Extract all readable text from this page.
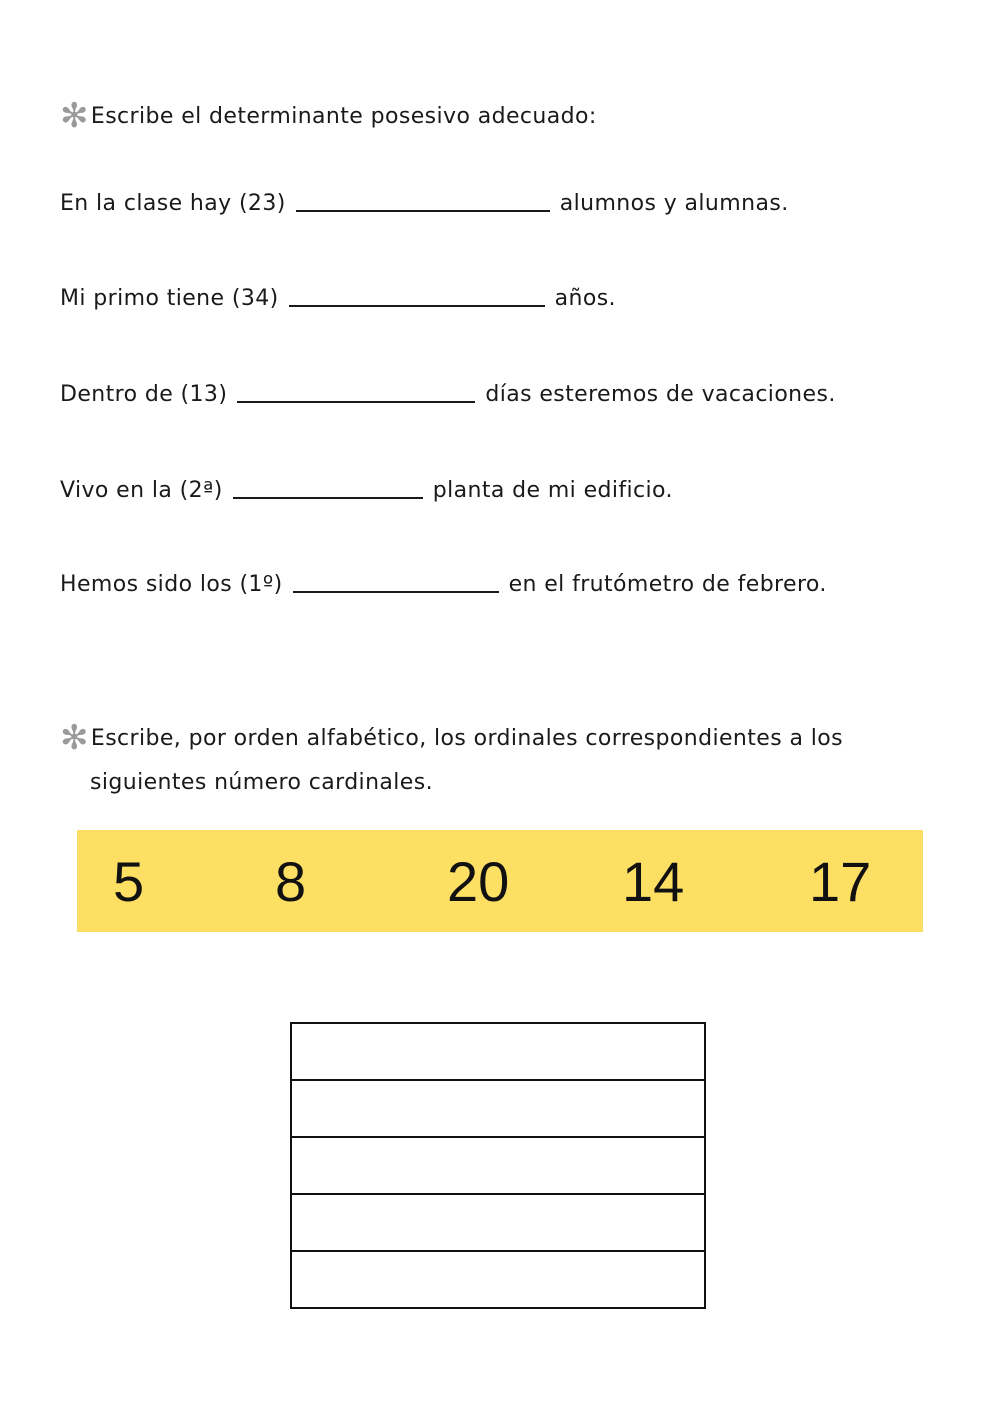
✻Escribe el determinante posesivo adecuado:
En la clase hay (23)	alumnos y alumnas.
Mi primo tiene (34)	años.
Dentro de (13)	días esteremos de vacaciones.
Vivo en la (2ª)	planta de mi edificio.
Hemos sido los (1º)	en el frutómetro de febrero.
✻Escribe, por orden alfabético, los ordinales correspondientes a los
siguientes número cardinales.
5 8	20 14 17
